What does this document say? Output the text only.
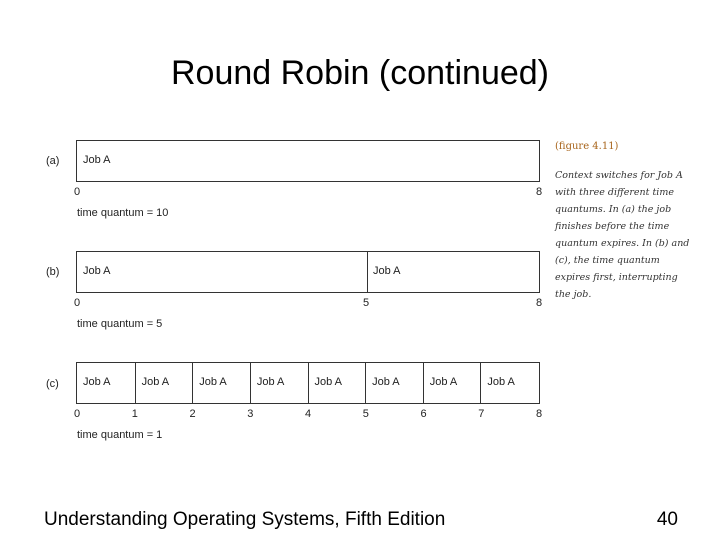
Round Robin (continued)
(a) Job A
0	8
time quantum = 10
(b) Job A	Job A
0	5	8
time quantum = 5
(c) Job A	Job A	Job A	Job A	Job A	Job A	Job A	Job A
0	1	2	3	4	5	6	7	8
time quantum = 1
(figure 4.11)
Context switches for Job A with three different time quantums. In (a) the job finishes before the time quantum expires. In (b) and (c), the time quantum expires first, interrupting the job.
Understanding Operating Systems, Fifth Edition	40
